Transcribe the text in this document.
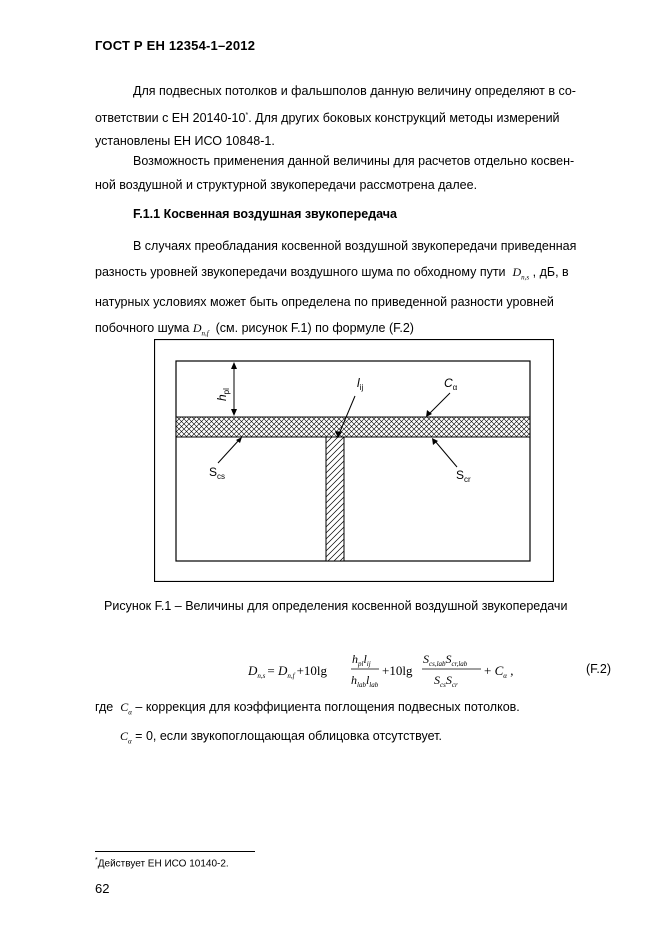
ГОСТ Р ЕН 12354-1–2012
Для подвесных потолков и фальшполов данную величину определяют в со-
ответствии с ЕН 20140-10*. Для других боковых конструкций методы измерений
установлены ЕН ИСО 10848-1.
Возможность применения данной величины для расчетов отдельно косвен-
ной воздушной и структурной звукопередачи рассмотрена далее.
F.1.1 Косвенная воздушная звукопередача
В случаях преобладания косвенной воздушной звукопередачи приведенная
разность уровней звукопередачи воздушного шума по обходному пути $D_{n,s}$ , дБ, в
натурных условиях может быть определена по приведенной разности уровней
побочного шума $D_{n,f}$ (см. рисунок F.1) по формуле (F.2)
$h_{pl}$
$l_{ij}$	$C_\alpha$
$S_{cs}$	$S_{cr}$
Рисунок F.1 – Величины для определения косвенной воздушной звукопередачи
$D_{n,s} = D_{n,f} +10\lg$
$h_{pl}l_{ij}$
$h_{lab}l_{lab}$
+10lg
$S_{cs,lab}S_{cr,lab}$
$S_{cs}S_{cr}$
+ $C_\alpha$ ,	(F.2)
где $C_\alpha$ – коррекция для коэффициента поглощения подвесных потолков.
$C_\alpha = 0$, если звукопоглощающая облицовка отсутствует.
*Действует ЕН ИСО 10140-2.
62
